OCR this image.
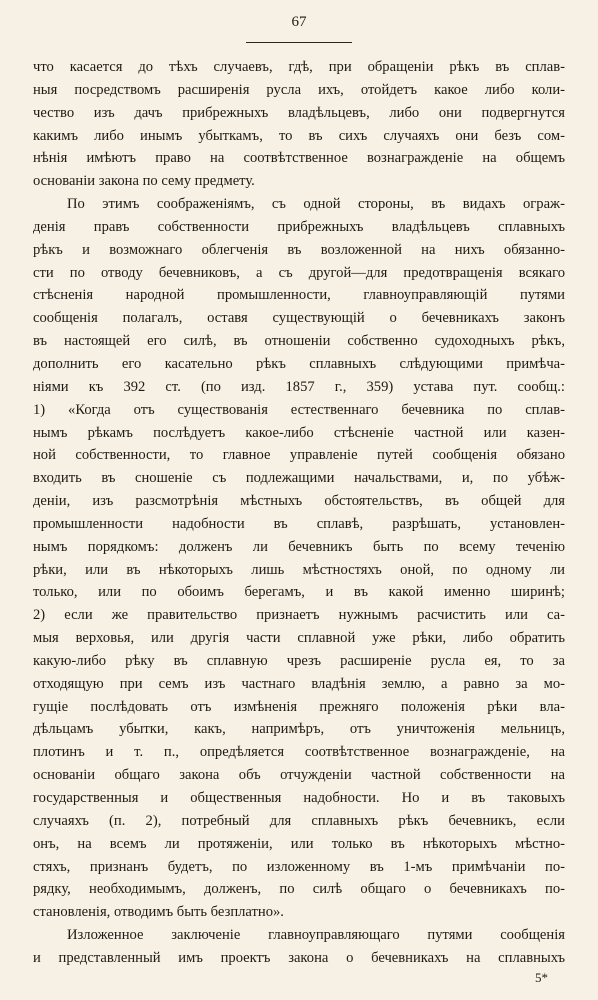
67
что касается до тѣхъ случаевъ, гдѣ, при обращенiи рѣкъ въ сплав-
ныя посредствомъ расширенiя русла ихъ, отойдетъ какое либо коли-
чество изъ дачъ прибрежныхъ владѣльцевъ, либо они подвергнутся
какимъ либо инымъ убыткамъ, то въ сихъ случаяхъ они безъ сом-
нѣнiя имѣютъ право на соотвѣтственное вознагражденiе на общемъ
основанiи закона по сему предмету.
По этимъ соображенiямъ, съ одной стороны, въ видахъ ограж-
денiя правъ собственности прибрежныхъ владѣльцевъ сплавныхъ
рѣкъ и возможнаго облегченiя въ возложенной на нихъ обязанно-
сти по отводу бечевниковъ, а съ другой—для предотвращенiя всякаго
стѣсненiя народной промышленности, главноуправляющiй путями
сообщенiя полагалъ, оставя существующiй о бечевникахъ законъ
въ настоящей его силѣ, въ отношенiи собственно судоходныхъ рѣкъ,
дополнить его касательно рѣкъ сплавныхъ слѣдующими примѣча-
нiями къ 392 ст. (по изд. 1857 г., 359) устава пут. сообщ.:
1) «Когда отъ существованiя естественнаго бечевника по сплав-
нымъ рѣкамъ послѣдуетъ какое-либо стѣсненiе частной или казен-
ной собственности, то главное управленiе путей сообщенiя обязано
входить въ сношенiе съ подлежащими начальствами, и, по убѣж-
денiи, изъ разсмотрѣнiя мѣстныхъ обстоятельствъ, въ общей для
промышленности надобности въ сплавѣ, разрѣшать, установлен-
нымъ порядкомъ: долженъ ли бечевникъ быть по всему теченiю
рѣки, или въ нѣкоторыхъ лишь мѣстностяхъ оной, по одному ли
только, или по обоимъ берегамъ, и въ какой именно ширинѣ;
2) если же правительство признаетъ нужнымъ расчистить или са-
мыя верховья, или другiя части сплавной уже рѣки, либо обратить
какую-либо рѣку въ сплавную чрезъ расширенiе русла ея, то за
отходящую при семъ изъ частнаго владѣнiя землю, а равно за мо-
гущiе послѣдовать отъ измѣненiя прежняго положенiя рѣки вла-
дѣльцамъ убытки, какъ, напримѣръ, отъ уничтоженiя мельницъ,
плотинъ и т. п., опредѣляется соотвѣтственное вознагражденiе, на
основанiи общаго закона объ отчужденiи частной собственности на
государственныя и общественныя надобности. Но и въ таковыхъ
случаяхъ (п. 2), потребный для сплавныхъ рѣкъ бечевникъ, если
онъ, на всемъ ли протяженiи, или только въ нѣкоторыхъ мѣстно-
стяхъ, признанъ будетъ, по изложенному въ 1-мъ примѣчанiи по-
рядку, необходимымъ, долженъ, по силѣ общаго о бечевникахъ по-
становленiя, отводимъ быть безплатно».
Изложенное заключенiе главноуправляющаго путями сообщенiя
и представленный имъ проектъ закона о бечевникахъ на сплавныхъ
5*
